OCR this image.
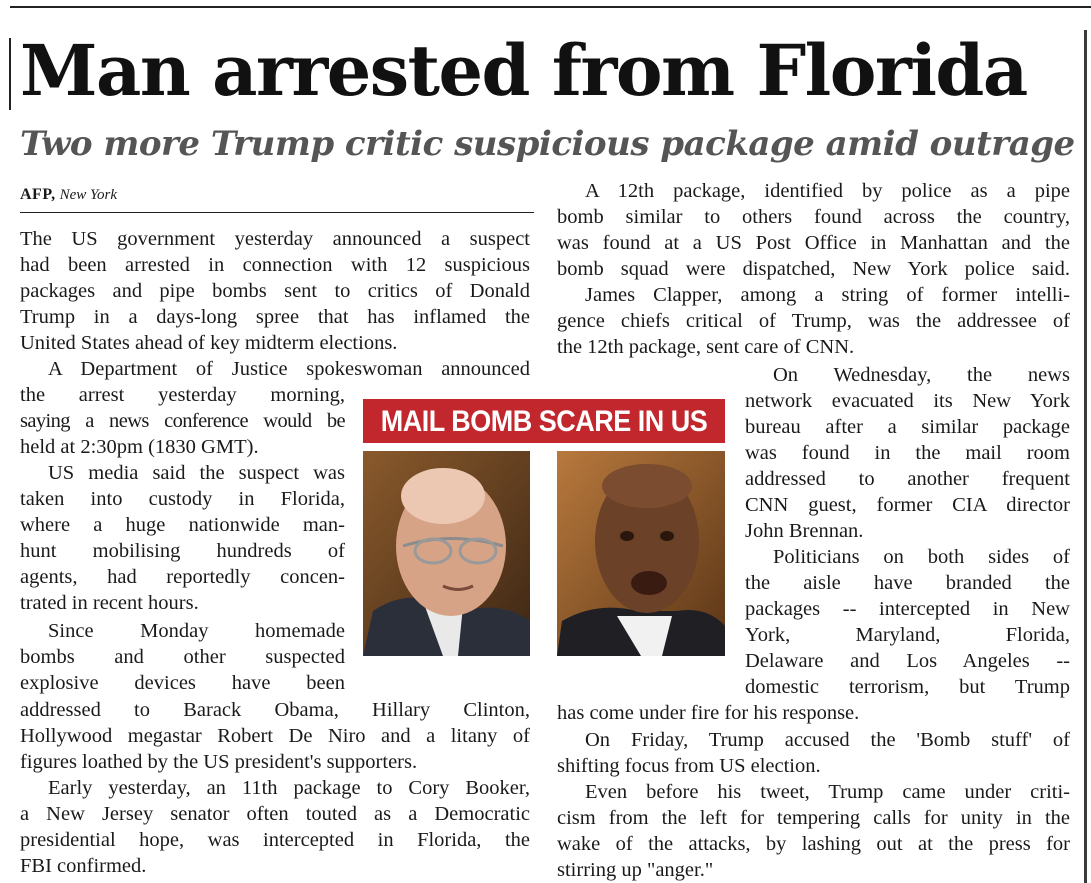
Man arrested from Florida
Two more Trump critic suspicious package amid outrage
AFP, New York
MAIL BOMB SCARE IN US
The US government yesterday announced a suspect
had been arrested in connection with 12 suspicious
packages and pipe bombs sent to critics of Donald
Trump in a days-long spree that has inflamed the
United States ahead of key midterm elections.
A Department of Justice spokeswoman announced
the arrest yesterday morning,
saying a news conference would be
held at 2:30pm (1830 GMT).
US media said the suspect was
taken into custody in Florida,
where a huge nationwide man-
hunt mobilising hundreds of
agents, had reportedly concen-
trated in recent hours.
Since Monday homemade
bombs and other suspected
explosive devices have been
addressed to Barack Obama, Hillary Clinton,
Hollywood megastar Robert De Niro and a litany of
figures loathed by the US president's supporters.
Early yesterday, an 11th package to Cory Booker,
a New Jersey senator often touted as a Democratic
presidential hope, was intercepted in Florida, the
FBI confirmed.
A 12th package, identified by police as a pipe
bomb similar to others found across the country,
was found at a US Post Office in Manhattan and the
bomb squad were dispatched, New York police said.
James Clapper, among a string of former intelli-
gence chiefs critical of Trump, was the addressee of
the 12th package, sent care of CNN.
On Wednesday, the news
network evacuated its New York
bureau after a similar package
was found in the mail room
addressed to another frequent
CNN guest, former CIA director
John Brennan.
Politicians on both sides of
the aisle have branded the
packages -- intercepted in New
York, Maryland, Florida,
Delaware and Los Angeles --
domestic terrorism, but Trump
has come under fire for his response.
On Friday, Trump accused the 'Bomb stuff' of
shifting focus from US election.
Even before his tweet, Trump came under criti-
cism from the left for tempering calls for unity in the
wake of the attacks, by lashing out at the press for
stirring up "anger."
